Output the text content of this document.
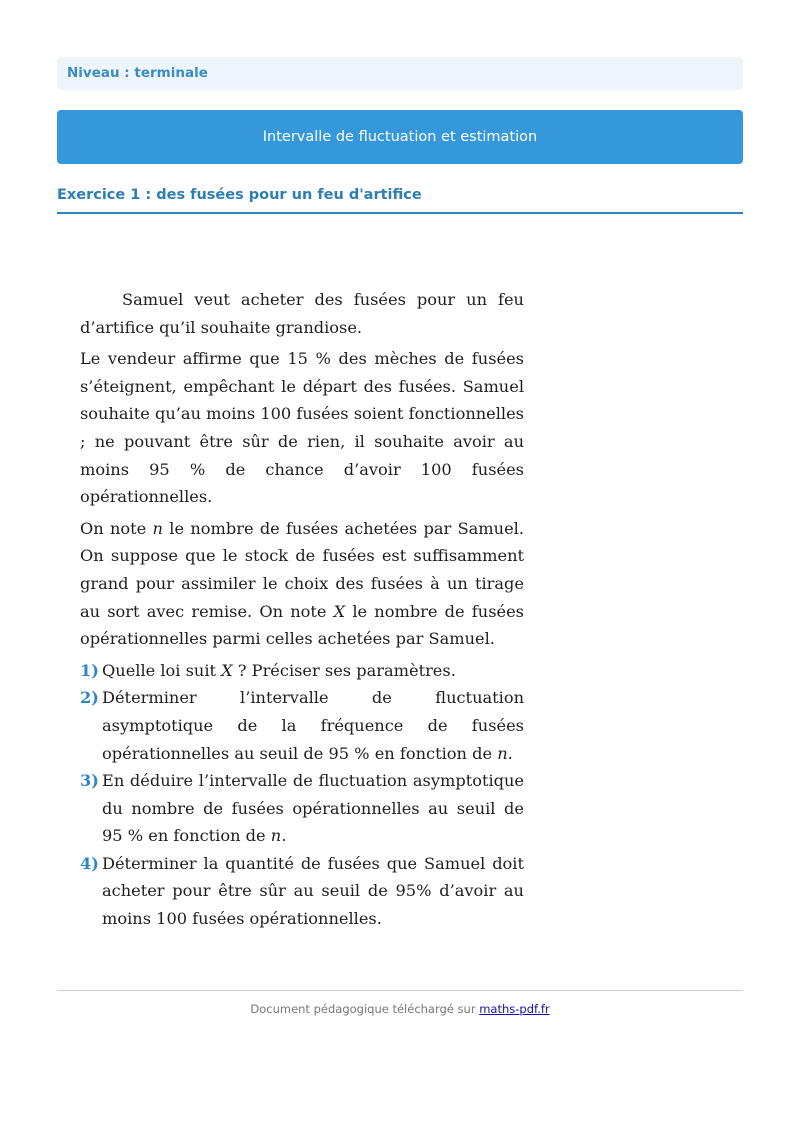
Niveau : terminale
Intervalle de fluctuation et estimation
Exercice 1 : des fusées pour un feu d'artifice

Samuel veut acheter des fusées pour un feu d’artifice qu’il souhaite grandiose.

Le vendeur affirme que 15 % des mèches de fusées s’éteignent, empêchant le départ des fusées. Samuel souhaite qu’au moins 100 fusées soient fonctionnelles ; ne pouvant être sûr de rien, il souhaite avoir au moins 95 % de chance d’avoir 100 fusées opérationnelles.

On note n le nombre de fusées achetées par Samuel. On suppose que le stock de fusées est suffisamment grand pour assimiler le choix des fusées à un tirage au sort avec remise. On note X le nombre de fusées opérationnelles parmi celles achetées par Samuel.

1) Quelle loi suit X ? Préciser ses paramètres.
2) Déterminer l’intervalle de fluctuation asymptotique de la fréquence de fusées opérationnelles au seuil de 95 % en fonction de n.
3) En déduire l’intervalle de fluctuation asymptotique du nombre de fusées opérationnelles au seuil de 95 % en fonction de n.
4) Déterminer la quantité de fusées que Samuel doit acheter pour être sûr au seuil de 95% d’avoir au moins 100 fusées opérationnelles.
Document pédagogique téléchargé sur maths-pdf.fr
